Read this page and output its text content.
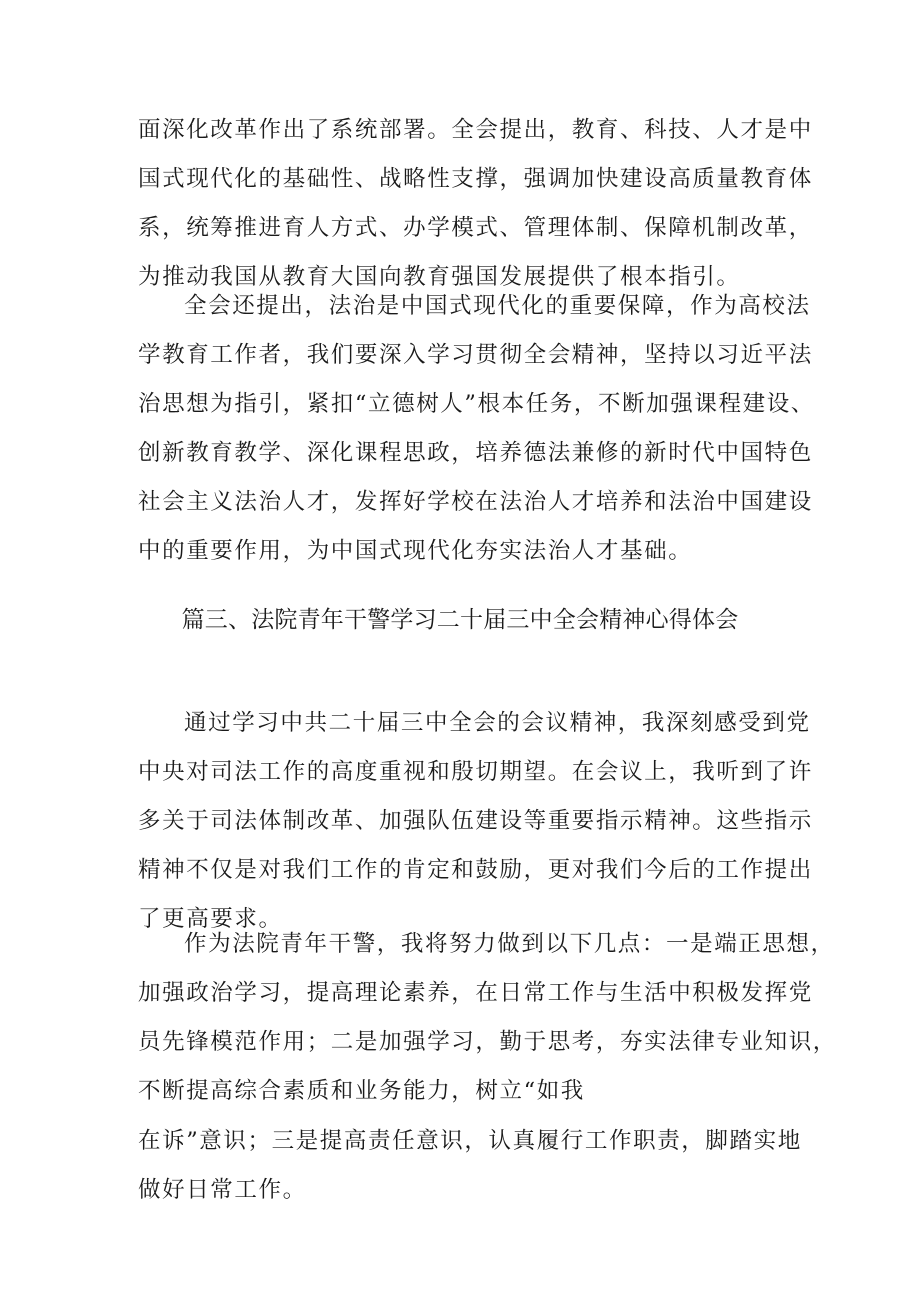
面深化改革作出了系统部署。全会提出，教育、科技、人才是中
国式现代化的基础性、战略性支撑，强调加快建设高质量教育体
系，统筹推进育人方式、办学模式、管理体制、保障机制改革，
为推动我国从教育大国向教育强国发展提供了根本指引。
全会还提出，法治是中国式现代化的重要保障，作为高校法
学教育工作者，我们要深入学习贯彻全会精神，坚持以习近平法
治思想为指引，紧扣“立德树人”根本任务，不断加强课程建设、
创新教育教学、深化课程思政，培养德法兼修的新时代中国特色
社会主义法治人才，发挥好学校在法治人才培养和法治中国建设
中的重要作用，为中国式现代化夯实法治人才基础。
篇三、法院青年干警学习二十届三中全会精神心得体会
通过学习中共二十届三中全会的会议精神，我深刻感受到党
中央对司法工作的高度重视和殷切期望。在会议上，我听到了许
多关于司法体制改革、加强队伍建设等重要指示精神。这些指示
精神不仅是对我们工作的肯定和鼓励，更对我们今后的工作提出
了更高要求。
作为法院青年干警，我将努力做到以下几点：一是端正思想，
加强政治学习，提高理论素养，在日常工作与生活中积极发挥党
员先锋模范作用；二是加强学习，勤于思考，夯实法律专业知识，
不断提高综合素质和业务能力，树立“如我
在诉”意识；三是提高责任意识，认真履行工作职责，脚踏实地
做好日常工作。
